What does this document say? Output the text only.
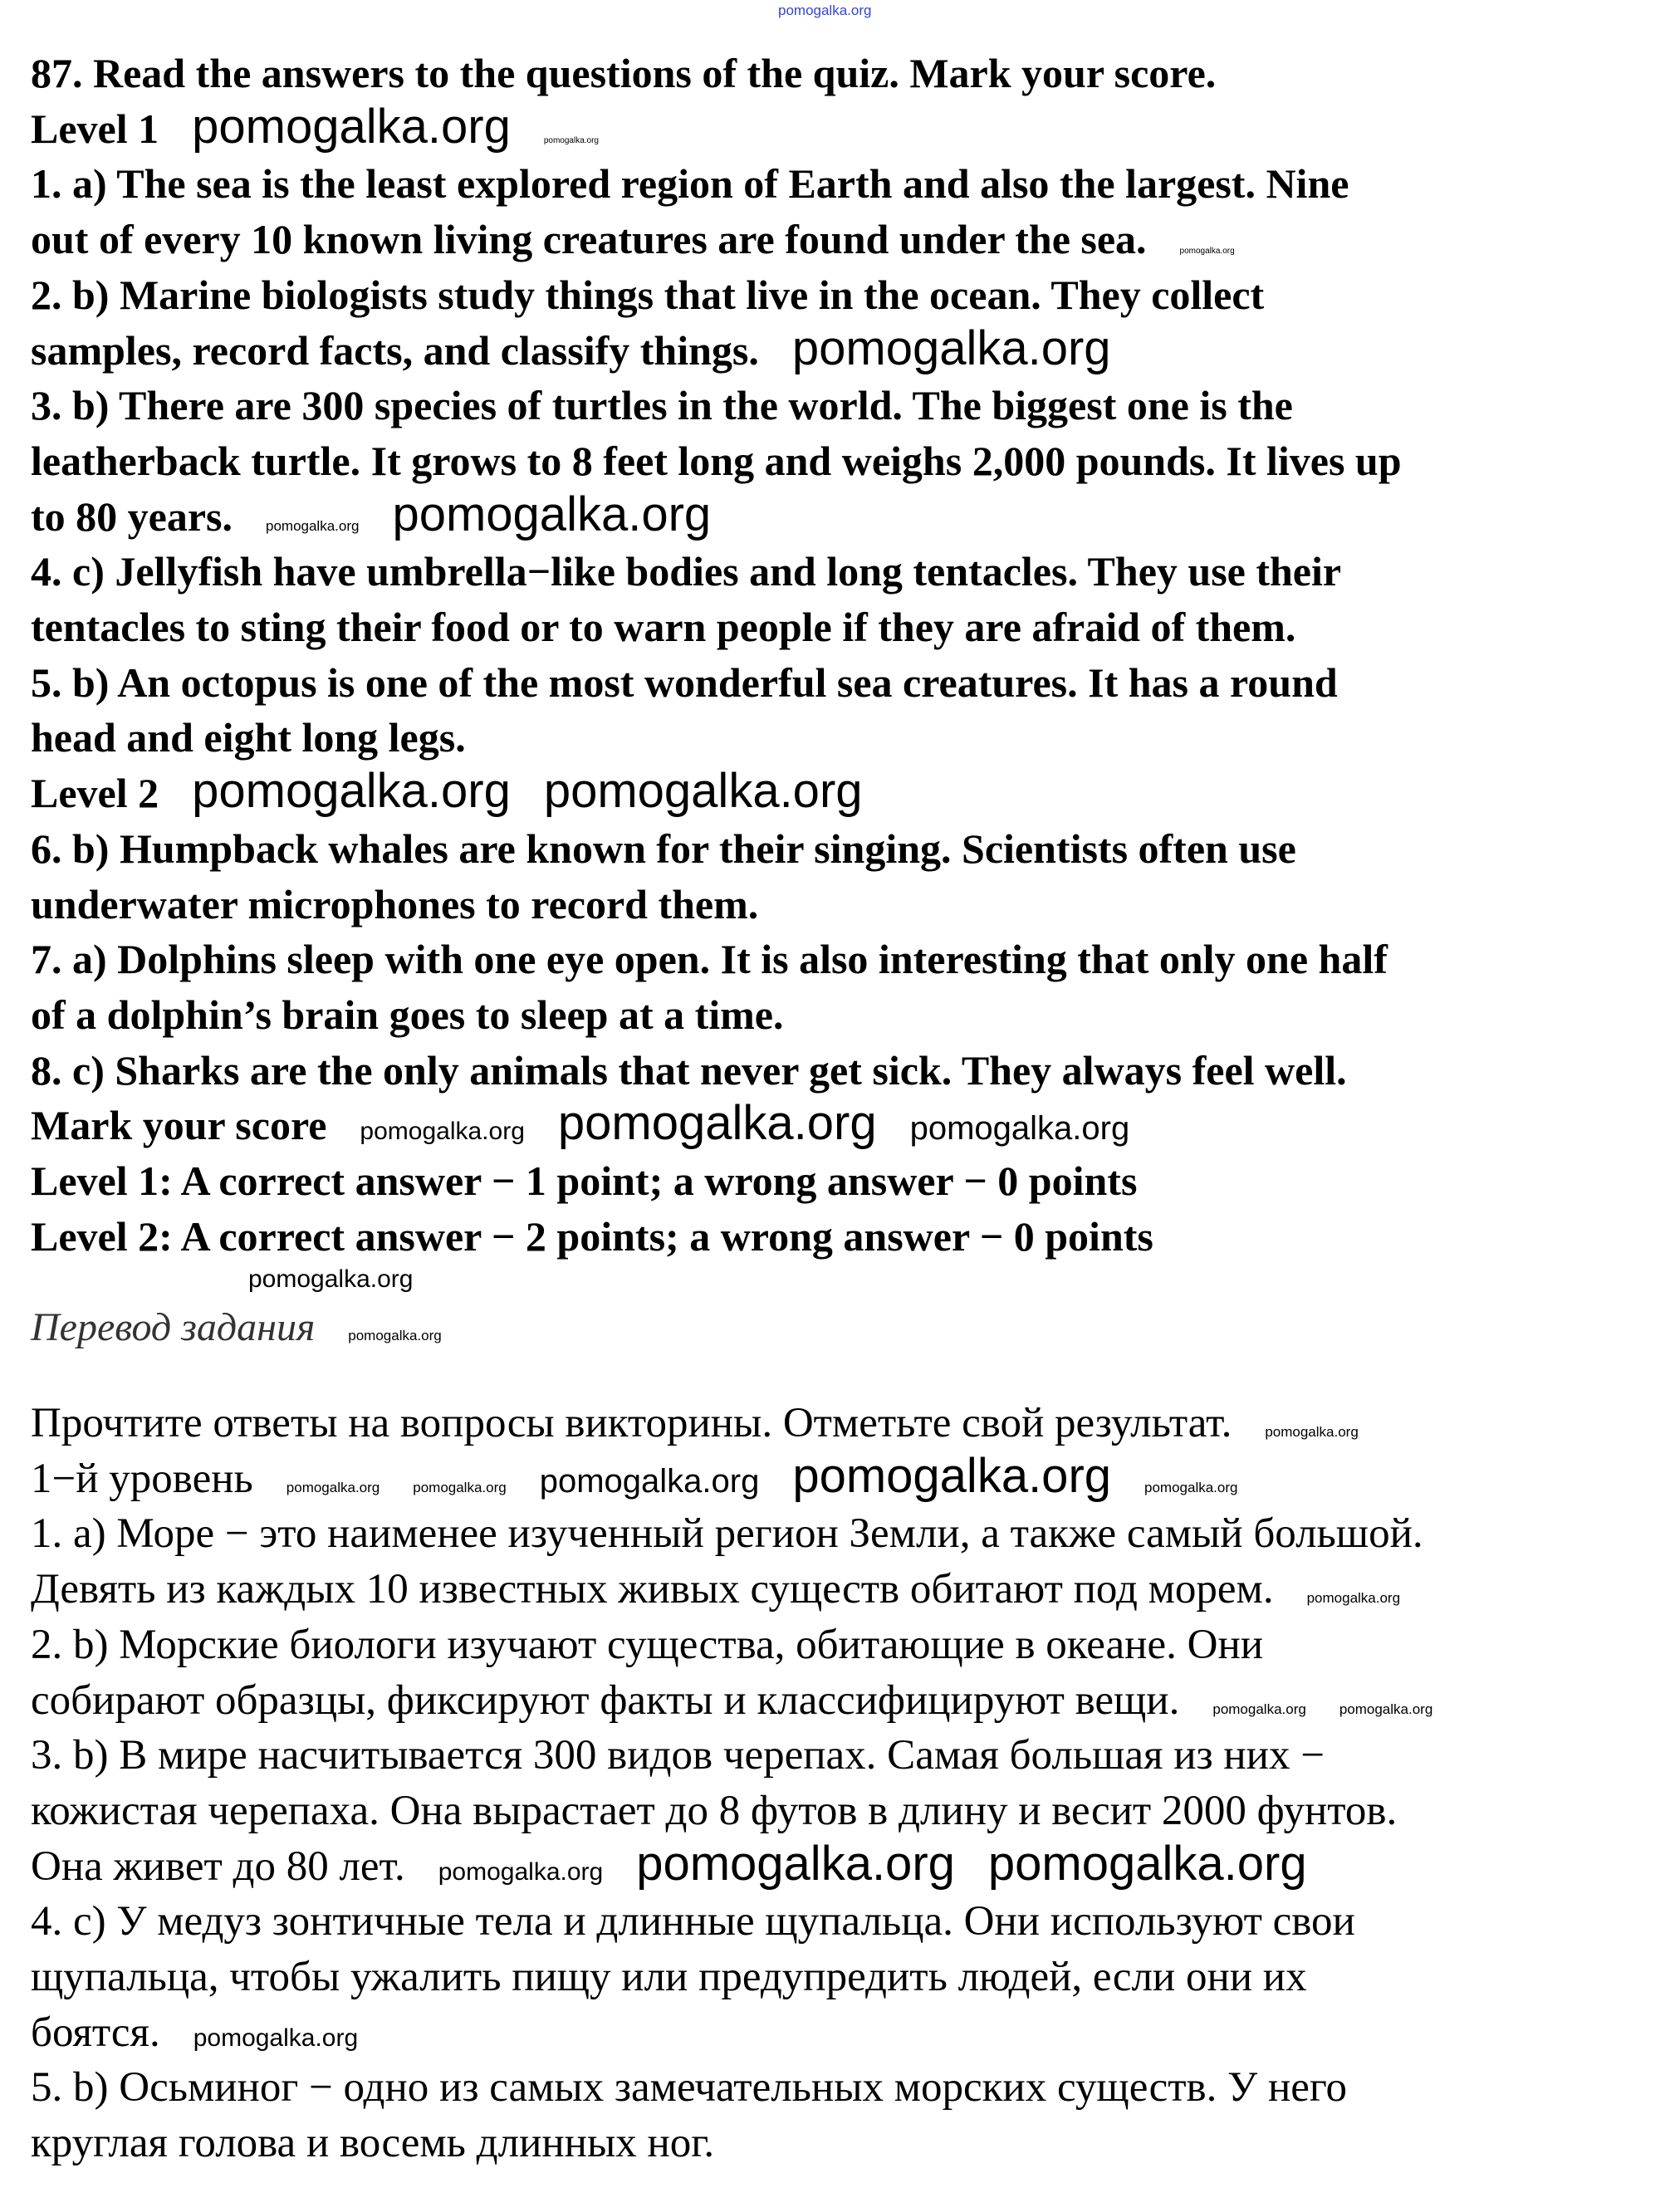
87. Read the answers to the questions of the quiz. Mark your score.
Level 1 pomogalka.org	pomogalka.org
1. a) The sea is the least explored region of Earth and also the largest. Nine
out of every 10 known living creatures are found under the sea.	pomogalka.org
2. b) Marine biologists study things that live in the ocean. They collect
samples, record facts, and classify things. pomogalka.org
3. b) There are 300 species of turtles in the world. The biggest one is the
leatherback turtle. It grows to 8 feet long and weighs 2,000 pounds. It lives up
to 80 years. pomogalka.org pomogalka.org
4. c) Jellyfish have umbrella−like bodies and long tentacles. They use their
tentacles to sting their food or to warn people if they are afraid of them.
5. b) An octopus is one of the most wonderful sea creatures. It has a round
head and eight long legs.
Level 2 pomogalka.org pomogalka.org
6. b) Humpback whales are known for their singing. Scientists often use
underwater microphones to record them.
7. a) Dolphins sleep with one eye open. It is also interesting that only one half
of a dolphin’s brain goes to sleep at a time.
8. c) Sharks are the only animals that never get sick. They always feel well.
Mark your score pomogalka.org pomogalka.org pomogalka.org
Level 1: A correct answer − 1 point; a wrong answer − 0 points
Level 2: A correct answer − 2 points; a wrong answer − 0 points
Перевод задания pomogalka.org
Прочтите ответы на вопросы викторины. Отметьте свой результат. pomogalka.org
1−й уровень pomogalka.org pomogalka.org pomogalka.org pomogalka.org pomogalka.org
1. а) Море − это наименее изученный регион Земли, а также самый большой.
Девять из каждых 10 известных живых существ обитают под морем. pomogalka.org
2. b) Морские биологи изучают существа, обитающие в океане. Они
собирают образцы, фиксируют факты и классифицируют вещи. pomogalka.org pomogalka.org
3. b) В мире насчитывается 300 видов черепах. Самая большая из них −
кожистая черепаха. Она вырастает до 8 футов в длину и весит 2000 фунтов.
Она живет до 80 лет. pomogalka.org pomogalka.org pomogalka.org
4. с) У медуз зонтичные тела и длинные щупальца. Они используют свои
щупальца, чтобы ужалить пищу или предупредить людей, если они их
боятся. pomogalka.org
5. b) Осьминог − одно из самых замечательных морских существ. У него
круглая голова и восемь длинных ног.
pomogalka.org
pomogalka.org
